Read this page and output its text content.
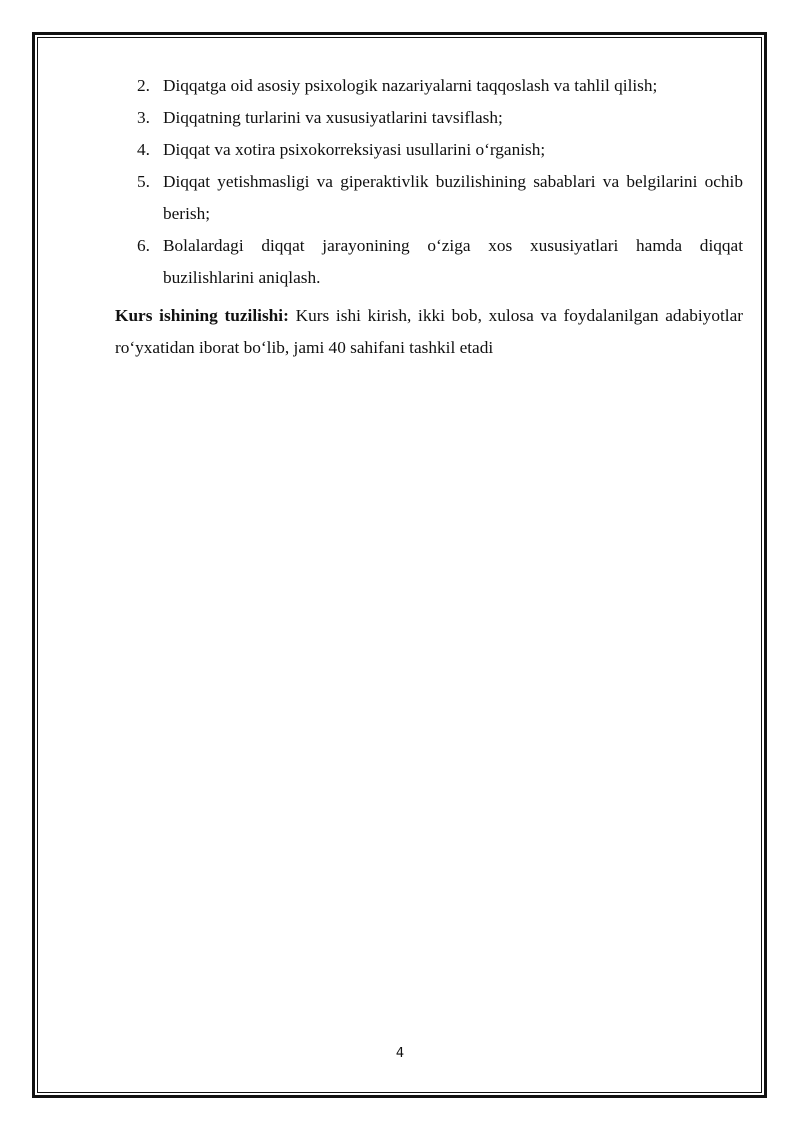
2. Diqqatga oid asosiy psixologik nazariyalarni taqqoslash va tahlil qilish;
3. Diqqatning turlarini va xususiyatlarini tavsiflash;
4. Diqqat va xotira psixokorreksiyasi usullarini o‘rganish;
5. Diqqat yetishmasligi va giperaktivlik buzilishining sabablari va belgilarini ochib berish;
6. Bolalardagi diqqat jarayonining o‘ziga xos xususiyatlari hamda diqqat buzilishlarini aniqlash.

Kurs ishining tuzilishi: Kurs ishi kirish, ikki bob, xulosa va foydalanilgan adabiyotlar ro‘yxatidan iborat bo‘lib, jami 40 sahifani tashkil etadi

4
